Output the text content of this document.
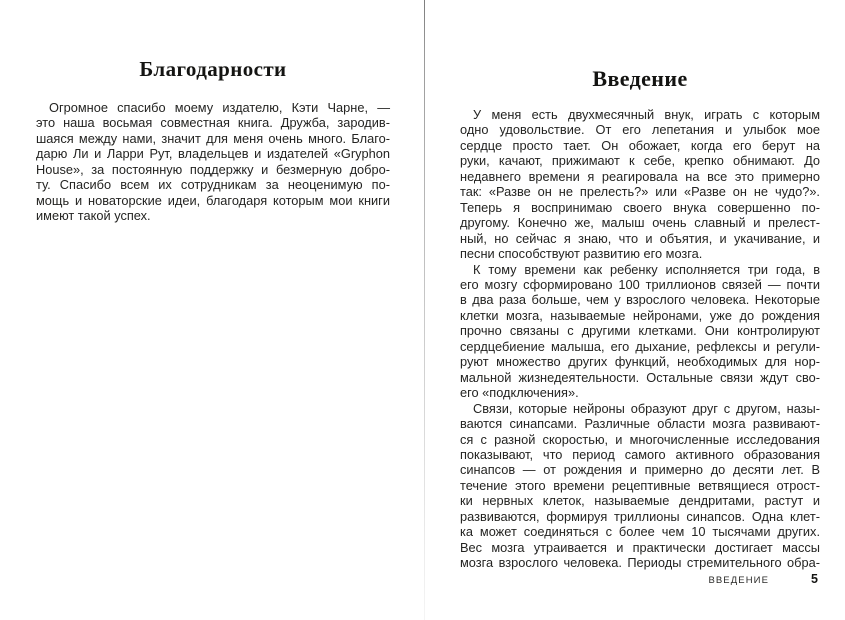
Благодарности

Огромное спасибо моему издателю, Кэти Чарне, —
это наша восьмая совместная книга. Дружба, зародив-
шаяся между нами, значит для меня очень много. Благо-
дарю Ли и Ларри Рут, владельцев и издателей «Gryphon
House», за постоянную поддержку и безмерную добро-
ту. Спасибо всем их сотрудникам за неоценимую по-
мощь и новаторские идеи, благодаря которым мои книги
имеют такой успех.

Введение

У меня есть двухмесячный внук, играть с которым
одно удовольствие. От его лепетания и улыбок мое
сердце просто тает. Он обожает, когда его берут на
руки, качают, прижимают к себе, крепко обнимают. До
недавнего времени я реагировала на все это примерно
так: «Разве он не прелесть?» или «Разве он не чудо?».
Теперь я воспринимаю своего внука совершенно по-
другому. Конечно же, малыш очень славный и прелест-
ный, но сейчас я знаю, что и объятия, и укачивание, и
песни способствуют развитию его мозга.

К тому времени как ребенку исполняется три года, в
его мозгу сформировано 100 триллионов связей — почти
в два раза больше, чем у взрослого человека. Некоторые
клетки мозга, называемые нейронами, уже до рождения
прочно связаны с другими клетками. Они контролируют
сердцебиение малыша, его дыхание, рефлексы и регули-
руют множество других функций, необходимых для нор-
мальной жизнедеятельности. Остальные связи ждут сво-
его «подключения».

Связи, которые нейроны образуют друг с другом, назы-
ваются синапсами. Различные области мозга развивают-
ся с разной скоростью, и многочисленные исследования
показывают, что период самого активного образования
синапсов — от рождения и примерно до десяти лет. В
течение этого времени рецептивные ветвящиеся отрост-
ки нервных клеток, называемые дендритами, растут и
развиваются, формируя триллионы синапсов. Одна клет-
ка может соединяться с более чем 10 тысячами других.
Вес мозга утраивается и практически достигает массы
мозга взрослого человека. Периоды стремительного обра-

ВВЕДЕНИЕ	5
